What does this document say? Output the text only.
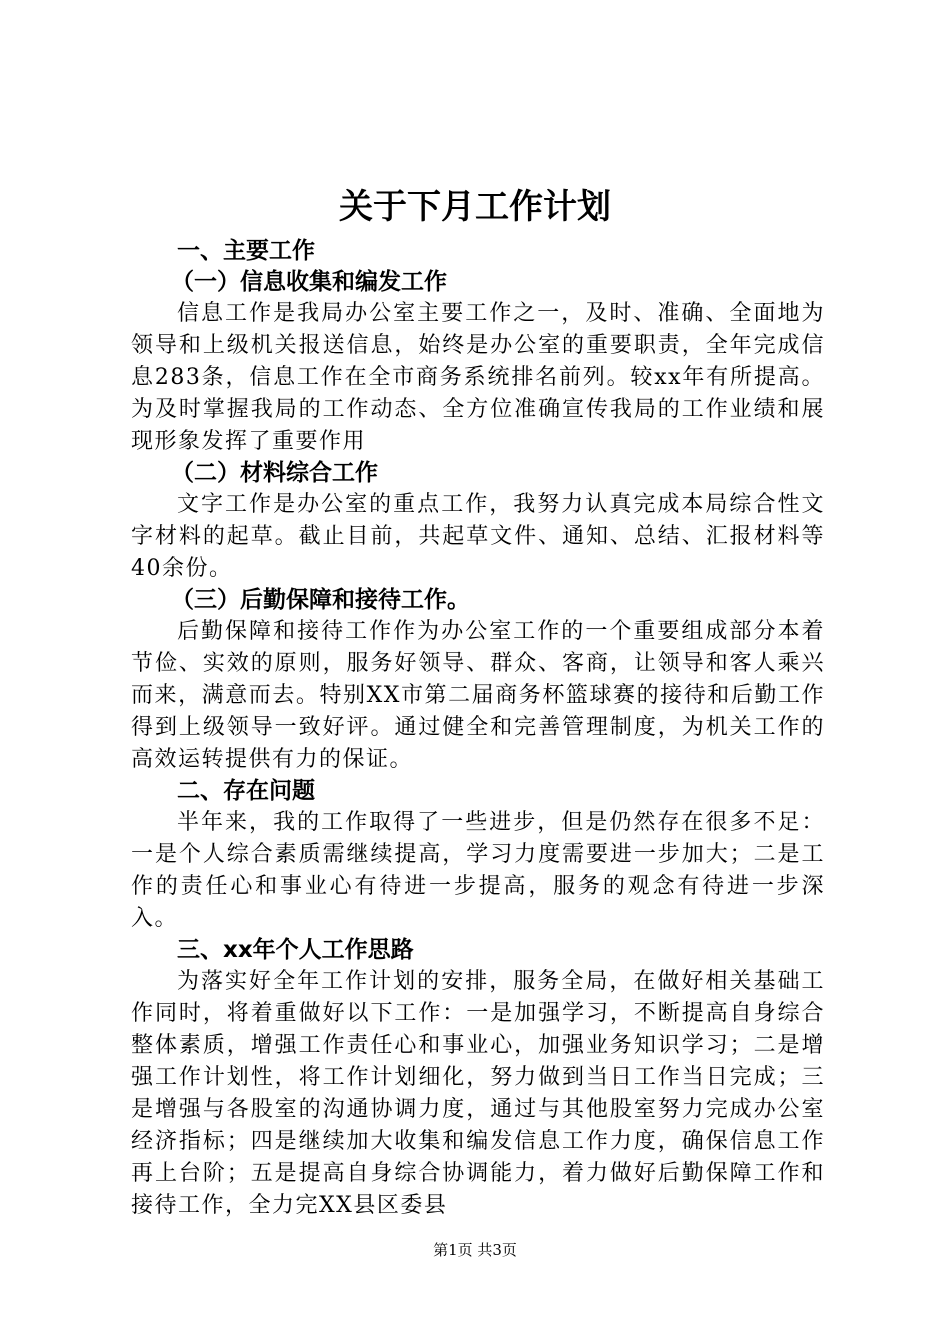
关于下月工作计划
一、主要工作
（一）信息收集和编发工作

信息工作是我局办公室主要工作之一，及时、准确、全面地为领导和上级机关报送信息，始终是办公室的重要职责，全年完成信息283条，信息工作在全市商务系统排名前列。较xx年有所提高。为及时掌握我局的工作动态、全方位准确宣传我局的工作业绩和展现形象发挥了重要作用

（二）材料综合工作

文字工作是办公室的重点工作，我努力认真完成本局综合性文字材料的起草。截止目前，共起草文件、通知、总结、汇报材料等40余份。

（三）后勤保障和接待工作。

后勤保障和接待工作作为办公室工作的一个重要组成部分本着节俭、实效的原则，服务好领导、群众、客商，让领导和客人乘兴而来，满意而去。特别XX市第二届商务杯篮球赛的接待和后勤工作得到上级领导一致好评。通过健全和完善管理制度，为机关工作的高效运转提供有力的保证。

二、存在问题

半年来，我的工作取得了一些进步，但是仍然存在很多不足：一是个人综合素质需继续提高，学习力度需要进一步加大；二是工作的责任心和事业心有待进一步提高，服务的观念有待进一步深入。

三、xx年个人工作思路

为落实好全年工作计划的安排，服务全局，在做好相关基础工作同时，将着重做好以下工作：一是加强学习，不断提高自身综合整体素质，增强工作责任心和事业心，加强业务知识学习；二是增强工作计划性，将工作计划细化，努力做到当日工作当日完成；三是增强与各股室的沟通协调力度，通过与其他股室努力完成办公室经济指标；四是继续加大收集和编发信息工作力度，确保信息工作再上台阶；五是提高自身综合协调能力，着力做好后勤保障工作和接待工作，全力完XX县区委县

第1页 共3页
